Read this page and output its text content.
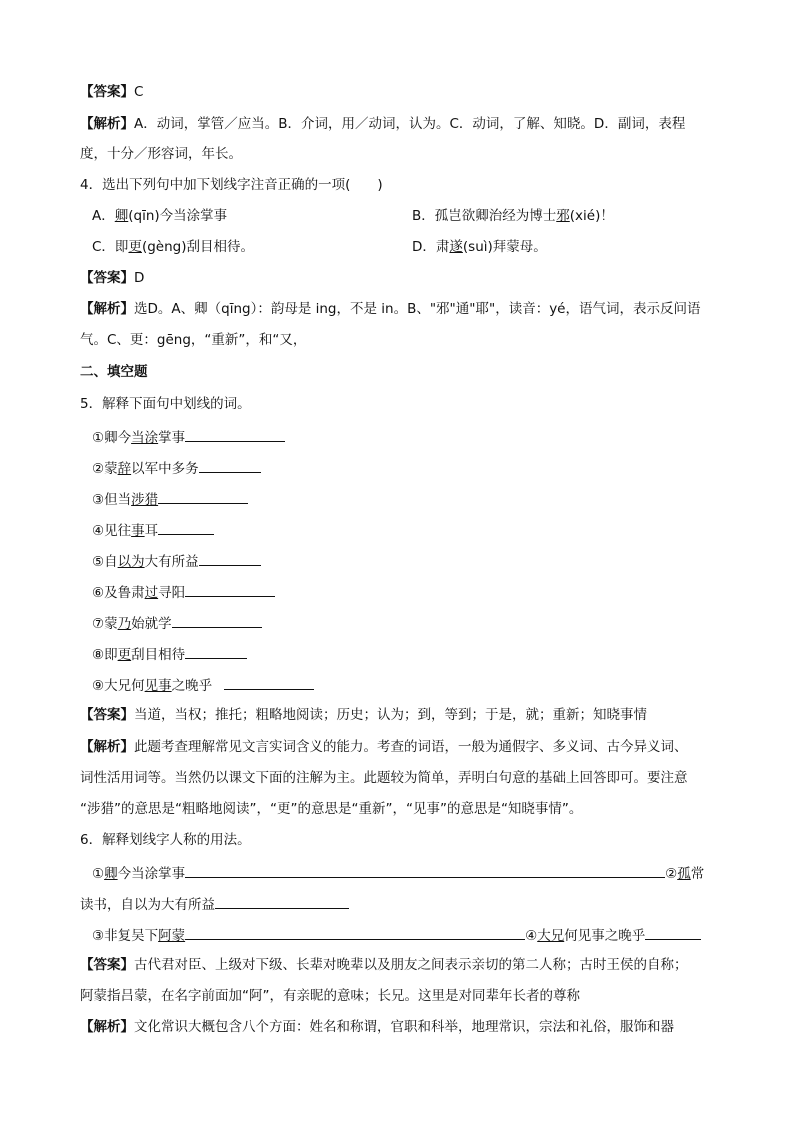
【答案】C
【解析】A．动词，掌管／应当。B．介词，用／动词，认为。C．动词，了解、知晓。D．副词，表程
度，十分／形容词，年长。
4．选出下列句中加下划线字注音正确的一项(　　)
A．卿(qīn)今当涂掌事	B．孤岂欲卿治经为博士邪(xié)！
C．即更(gèng)刮目相待。	D．肃遂(suì)拜蒙母。
【答案】D
【解析】选D。A、卿（qīng）：韵母是 ing，不是 in。B、"邪"通"耶"，读音：yé，语气词，表示反问语
气。C、更：gēng，“重新”，和“又，
二、填空题
5．解释下面句中划线的词。
①卿今当涂掌事
②蒙辞以军中多务
③但当涉猎
④见往事耳
⑤自以为大有所益
⑥及鲁肃过寻阳
⑦蒙乃始就学
⑧即更刮目相待
⑨大兄何见事之晚乎
【答案】当道，当权；推托；粗略地阅读；历史；认为；到，等到；于是，就；重新；知晓事情
【解析】此题考查理解常见文言实词含义的能力。考查的词语，一般为通假字、多义词、古今异义词、
词性活用词等。当然仍以课文下面的注解为主。此题较为简单，弄明白句意的基础上回答即可。要注意
“涉猎”的意思是“粗略地阅读”，“更”的意思是“重新”，“见事”的意思是“知晓事情”。
6．解释划线字人称的用法。
①卿今当涂掌事	②孤常
读书，自以为大有所益
③非复吴下阿蒙	④大兄何见事之晚乎
【答案】古代君对臣、上级对下级、长辈对晚辈以及朋友之间表示亲切的第二人称；古时王侯的自称；
阿蒙指吕蒙，在名字前面加“阿”，有亲昵的意味；长兄。这里是对同辈年长者的尊称
【解析】文化常识大概包含八个方面：姓名和称谓，官职和科举，地理常识，宗法和礼俗，服饰和器
